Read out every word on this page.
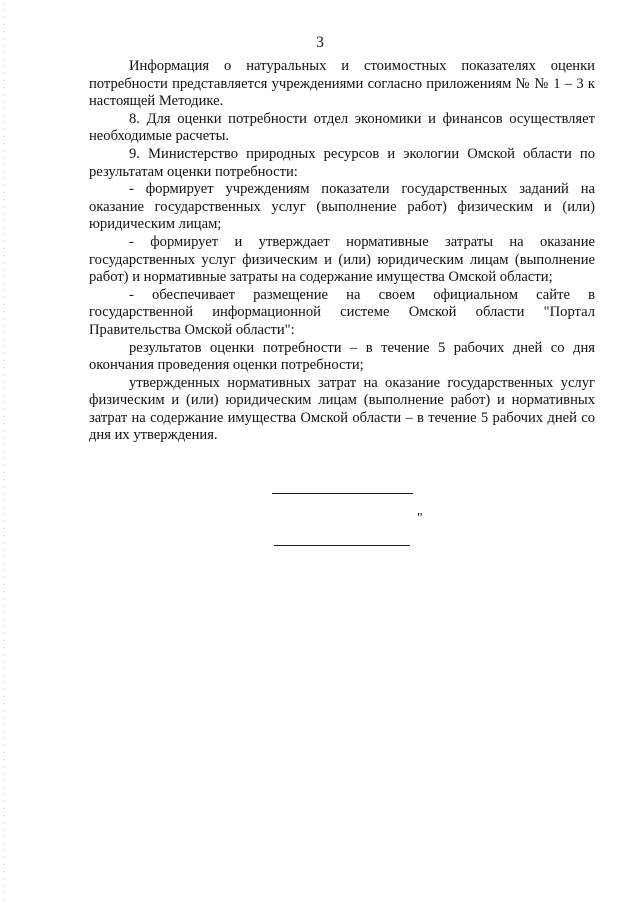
3

Информация о натуральных и стоимостных показателях оценки потребности представляется учреждениями согласно приложениям № № 1 – 3 к настоящей Методике.

8. Для оценки потребности отдел экономики и финансов осуществляет необходимые расчеты.

9. Министерство природных ресурсов и экологии Омской области по результатам оценки потребности:

- формирует учреждениям показатели государственных заданий на оказание государственных услуг (выполнение работ) физическим и (или) юридическим лицам;

- формирует и утверждает нормативные затраты на оказание государственных услуг физическим и (или) юридическим лицам (выполнение работ) и нормативные затраты на содержание имущества Омской области;

- обеспечивает размещение на своем официальном сайте в государственной информационной системе Омской области "Портал Правительства Омской области":

результатов оценки потребности – в течение 5 рабочих дней со дня окончания проведения оценки потребности;

утвержденных нормативных затрат на оказание государственных услуг физическим и (или) юридическим лицам (выполнение работ) и нормативных затрат на содержание имущества Омской области – в течение 5 рабочих дней со дня их утверждения.

"
